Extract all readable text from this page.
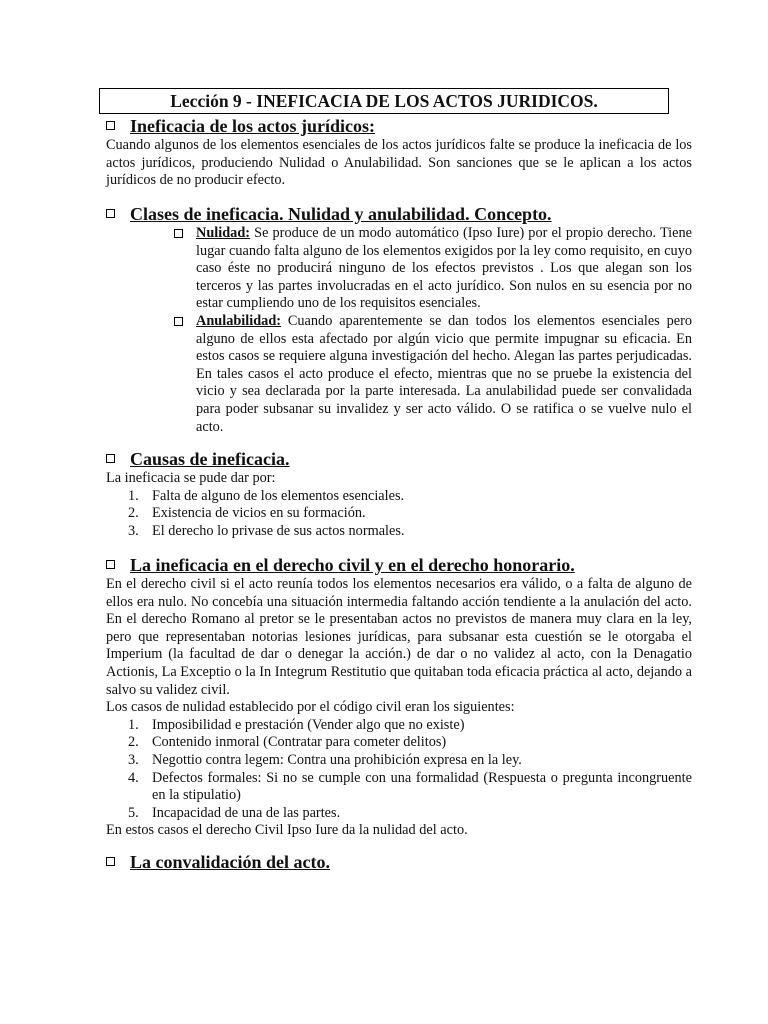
Lección 9 - INEFICACIA DE LOS ACTOS JURIDICOS.
Ineficacia de los actos jurídicos:

Cuando algunos de los elementos esenciales de los actos jurídicos falte se produce la ineficacia de los actos jurídicos, produciendo Nulidad o Anulabilidad. Son sanciones que se le aplican a los actos jurídicos de no producir efecto.

Clases de ineficacia. Nulidad y anulabilidad. Concepto.
Nulidad: Se produce de un modo automático (Ipso Iure) por el propio derecho. Tiene lugar cuando falta alguno de los elementos exigidos por la ley como requisito, en cuyo caso éste no producirá ninguno de los efectos previstos . Los que alegan son los terceros y las partes involucradas en el acto jurídico. Son nulos en su esencia por no estar cumpliendo uno de los requisitos esenciales.
Anulabilidad: Cuando aparentemente se dan todos los elementos esenciales pero alguno de ellos esta afectado por algún vicio que permite impugnar su eficacia. En estos casos se requiere alguna investigación del hecho. Alegan las partes perjudicadas. En tales casos el acto produce el efecto, mientras que no se pruebe la existencia del vicio y sea declarada por la parte interesada. La anulabilidad puede ser convalidada para poder subsanar su invalidez y ser acto válido. O se ratifica o se vuelve nulo el acto.
Causas de ineficacia.

La ineficacia se pude dar por:

1. Falta de alguno de los elementos esenciales.
2. Existencia de vicios en su formación.
3. El derecho lo privase de sus actos normales.
La ineficacia en el derecho civil y en el derecho honorario.

En el derecho civil si el acto reunía todos los elementos necesarios era válido, o a falta de alguno de ellos era nulo. No concebía una situación intermedia faltando acción tendiente a la anulación del acto. En el derecho Romano al pretor se le presentaban actos no previstos de manera muy clara en la ley, pero que representaban notorias lesiones jurídicas, para subsanar esta cuestión se le otorgaba el Imperium (la facultad de dar o denegar la acción.) de dar o no validez al acto, con la Denagatio Actionis, La Exceptio o la In Integrum Restitutio que quitaban toda eficacia práctica al acto, dejando a salvo su validez civil.

Los casos de nulidad establecido por el código civil eran los siguientes:

1. Imposibilidad e prestación (Vender algo que no existe)
2. Contenido inmoral (Contratar para cometer delitos)
3. Negottio contra legem: Contra una prohibición expresa en la ley.
4. Defectos formales: Si no se cumple con una formalidad (Respuesta o pregunta incongruente en la stipulatio)
5. Incapacidad de una de las partes.

En estos casos el derecho Civil Ipso Iure da la nulidad del acto.

La convalidación del acto.
